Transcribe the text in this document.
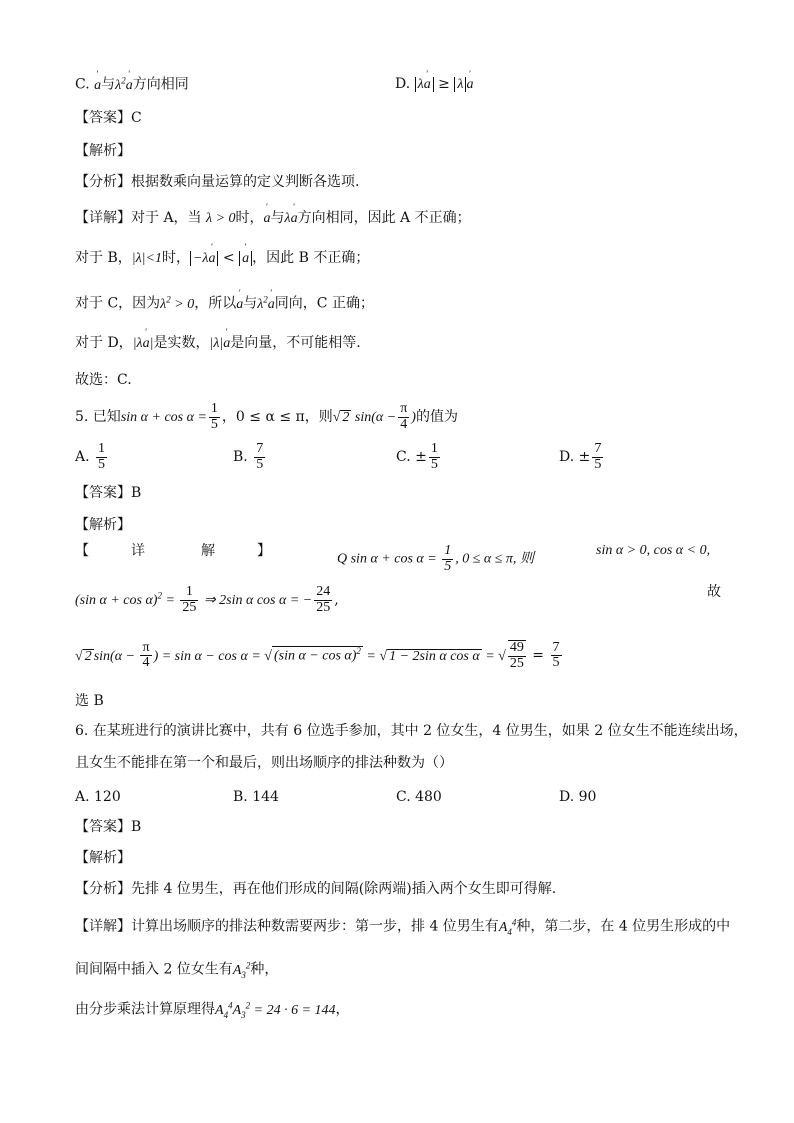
C. ' a与$\lambda^2'$ a方向相同	D. λ' a ≥ λ ' a
【答案】C
【解析】
【分析】根据数乘向量运算的定义判断各选项.
【详解】对于 A，当 λ > 0时，' a与λ' a方向相同，因此 A 不正确；
对于 B，|λ|<1时， −λ' a < ' a ，因此 B 不正确；
对于 C，因为$\lambda^2 > 0$，所以' a与$\lambda^2'$ a同向，C 正确；
对于 D，|λ' a|是实数，|λ|' a是向量，不可能相等.
故选：C.
5. 已知$\sin \alpha + \cos \alpha = \frac{1}{5}$ ，0 ≤ α ≤ π，则√ 2 $\sin(\alpha - \frac{\pi}{4}$ )的值为
A. $\frac{1}{5}$	B. $\frac{7}{5}$	C. ± $\frac{1}{5}$	D. ± $\frac{7}{5}$
【答案】B
【解析】
【　　　详　　　　解　　　】	Q $\sin \alpha + \cos \alpha = \frac{1}{5}$ , 0 ≤ α ≤ π, 则
sin α > 0, cos α < 0,
(sin $\alpha + \cos \alpha)^2 = \frac{1}{25}$ ⇒ 2sin α cos α = − $\frac{24}{25}$ ,
故
√ 2 $\sin(\alpha - \frac{\pi}{4}$ ) = sin α − cos α = √ (sin α − cos α)$^2$ = √ 1 − 2sin α cos α = √ $\frac{49}{25} = \frac{7}{5}$
选 B
6. 在某班进行的演讲比赛中，共有 6 位选手参加，其中 2 位女生，4 位男生，如果 2 位女生不能连续出场，
且女生不能排在第一个和最后，则出场顺序的排法种数为（）
A. 120	B. 144	C. 480	D. 90
【答案】B
【解析】
【分析】先排 4 位男生，再在他们形成的间隔(除两端)插入两个女生即可得解.
【详解】计算出场顺序的排法种数需要两步：第一步，排 4 位男生有$A_4^4$种，第二步，在 4 位男生形成的中
间间隔中插入 2 位女生有$A_3^2$种，
由分步乘法计算原理得$A_4^4A_3^2 = 24 \cdot 6 = 144$，
